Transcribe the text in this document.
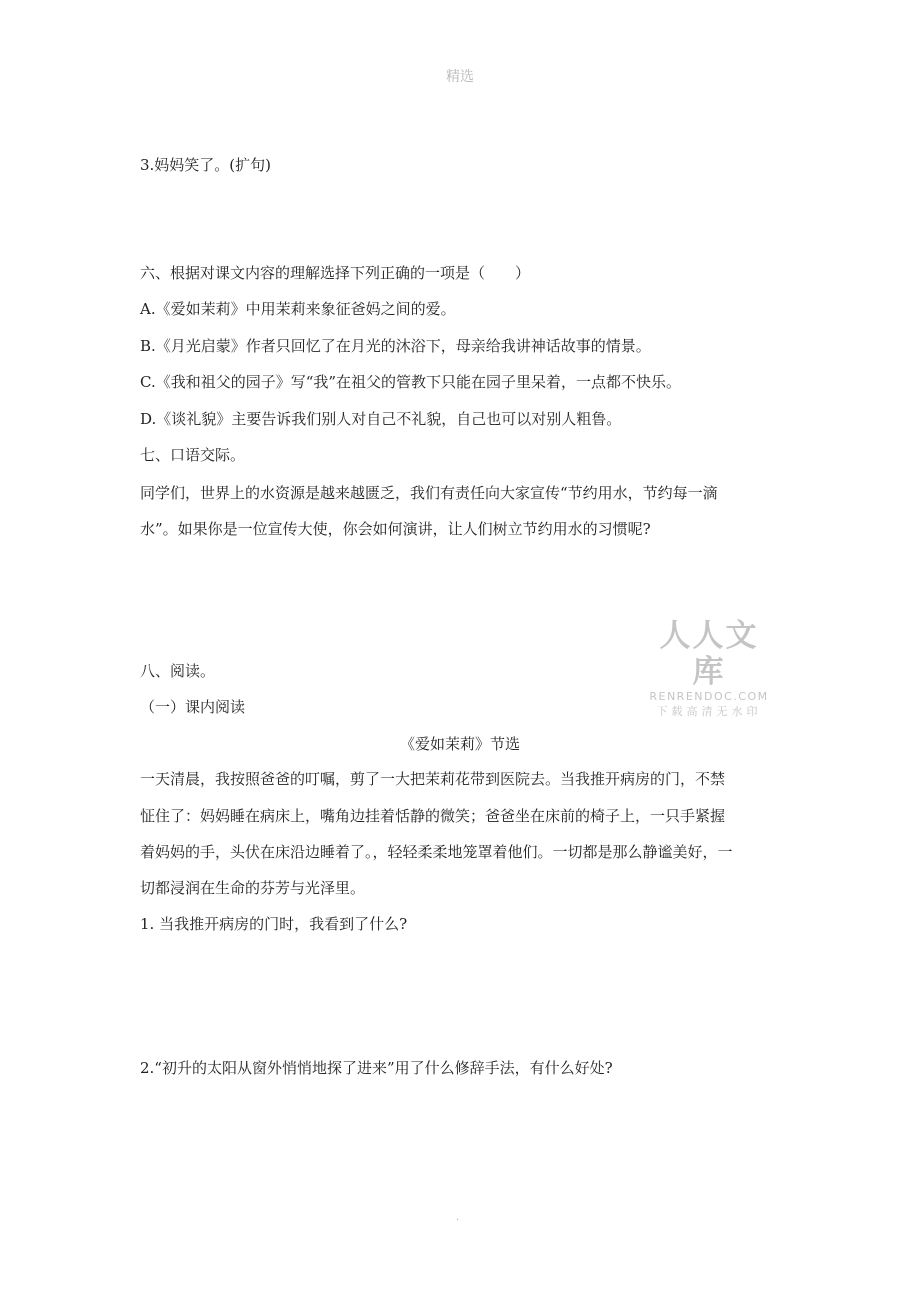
精选
3.妈妈笑了。(扩句)
六、根据对课文内容的理解选择下列正确的一项是（　　）
A.《爱如茉莉》中用茉莉来象征爸妈之间的爱。
B.《月光启蒙》作者只回忆了在月光的沐浴下，母亲给我讲神话故事的情景。
C.《我和祖父的园子》写“我”在祖父的管教下只能在园子里呆着，一点都不快乐。
D.《谈礼貌》主要告诉我们别人对自己不礼貌，自己也可以对别人粗鲁。
七、口语交际。
同学们，世界上的水资源是越来越匮乏，我们有责任向大家宣传“节约用水，节约每一滴
水”。如果你是一位宣传大使，你会如何演讲，让人们树立节约用水的习惯呢?
人人文库
RENRENDOC.COM
下载高清无水印
八、阅读。
（一）课内阅读
《爱如茉莉》节选
一天清晨，我按照爸爸的叮嘱，剪了一大把茉莉花带到医院去。当我推开病房的门，不禁
怔住了：妈妈睡在病床上，嘴角边挂着恬静的微笑；爸爸坐在床前的椅子上，一只手紧握
着妈妈的手，头伏在床沿边睡着了。，轻轻柔柔地笼罩着他们。一切都是那么静谧美好，一
切都浸润在生命的芬芳与光泽里。
1. 当我推开病房的门时，我看到了什么?
2.“初升的太阳从窗外悄悄地探了进来”用了什么修辞手法，有什么好处?
.
